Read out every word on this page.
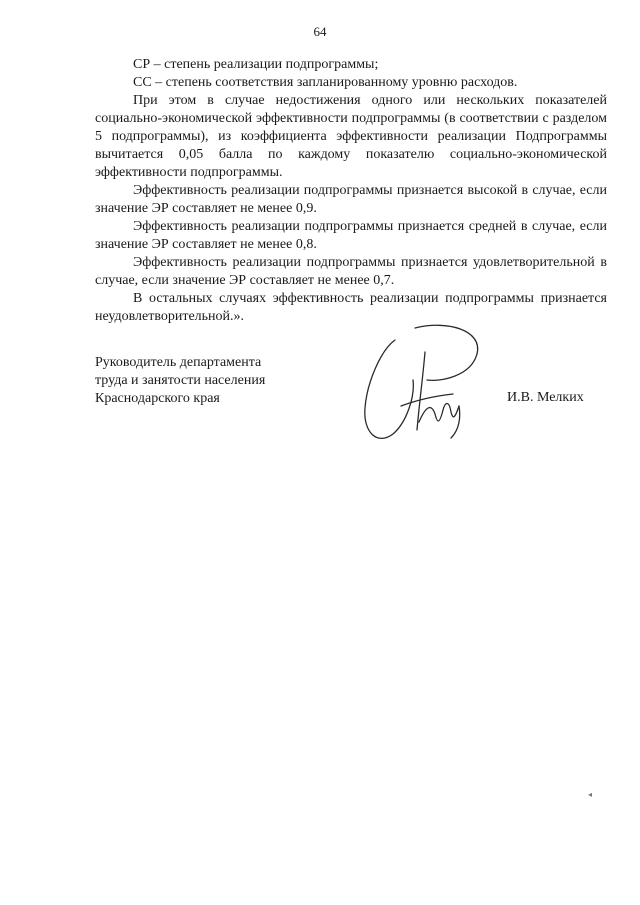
64

СР – степень реализации подпрограммы;

СС – степень соответствия запланированному уровню расходов.

При этом в случае недостижения одного или нескольких показателей социально-экономической эффективности подпрограммы (в соответствии с разделом 5 подпрограммы), из коэффициента эффективности реализации Подпрограммы вычитается 0,05 балла по каждому показателю социально-экономической эффективности подпрограммы.

Эффективность реализации подпрограммы признается высокой в случае, если значение ЭР составляет не менее 0,9.

Эффективность реализации подпрограммы признается средней в случае, если значение ЭР составляет не менее 0,8.

Эффективность реализации подпрограммы признается удовлетворительной в случае, если значение ЭР составляет не менее 0,7.

В остальных случаях эффективность реализации подпрограммы признается неудовлетворительной.».

Руководитель департамента
труда и занятости населения
Краснодарского края	И.В. Мелких
◂
